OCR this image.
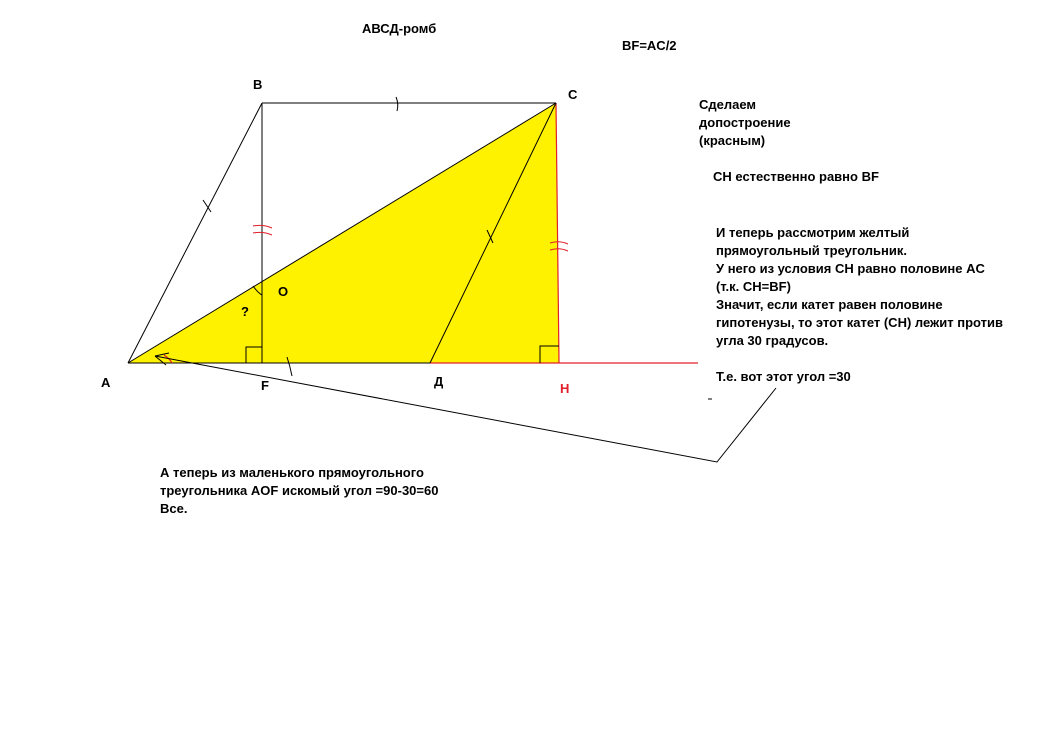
АВСД-ромб
BF=AC/2
B
C
A	F	Д	H
O
?
Сделаем
допостроение
(красным)
CH естественно равно BF
И теперь рассмотрим желтый
прямоугольный треугольник.
У него из условия CH равно половине AC
(т.к. CH=BF)
Значит, если катет равен половине
гипотенузы, то этот катет (CH) лежит против
угла 30 градусов.
Т.е. вот этот угол =30
А теперь из маленького прямоугольного
треугольника AOF искомый угол =90-30=60
Все.
